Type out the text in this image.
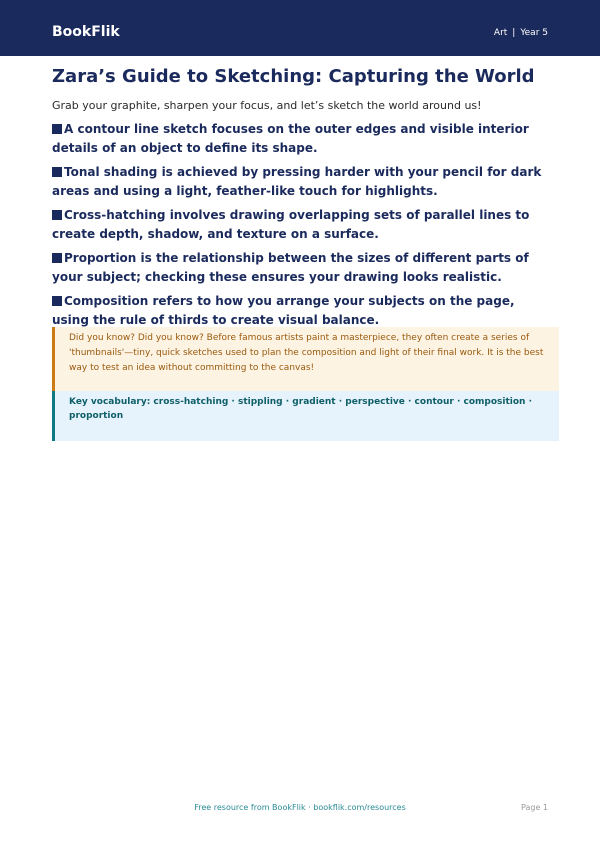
BookFlik	Art | Year 5
Zara’s Guide to Sketching: Capturing the World
Grab your graphite, sharpen your focus, and let’s sketch the world around us!
A contour line sketch focuses on the outer edges and visible interior details of an object to define its shape.
Tonal shading is achieved by pressing harder with your pencil for dark areas and using a light, feather-like touch for highlights.
Cross-hatching involves drawing overlapping sets of parallel lines to create depth, shadow, and texture on a surface.
Proportion is the relationship between the sizes of different parts of your subject; checking these ensures your drawing looks realistic.
Composition refers to how you arrange your subjects on the page, using the rule of thirds to create visual balance.
Did you know? Did you know? Before famous artists paint a masterpiece, they often create a series of 'thumbnails'—tiny, quick sketches used to plan the composition and light of their final work. It is the best way to test an idea without committing to the canvas!
Key vocabulary: cross-hatching · stippling · gradient · perspective · contour · composition · proportion
Free resource from BookFlik · bookflik.com/resources	Page 1
